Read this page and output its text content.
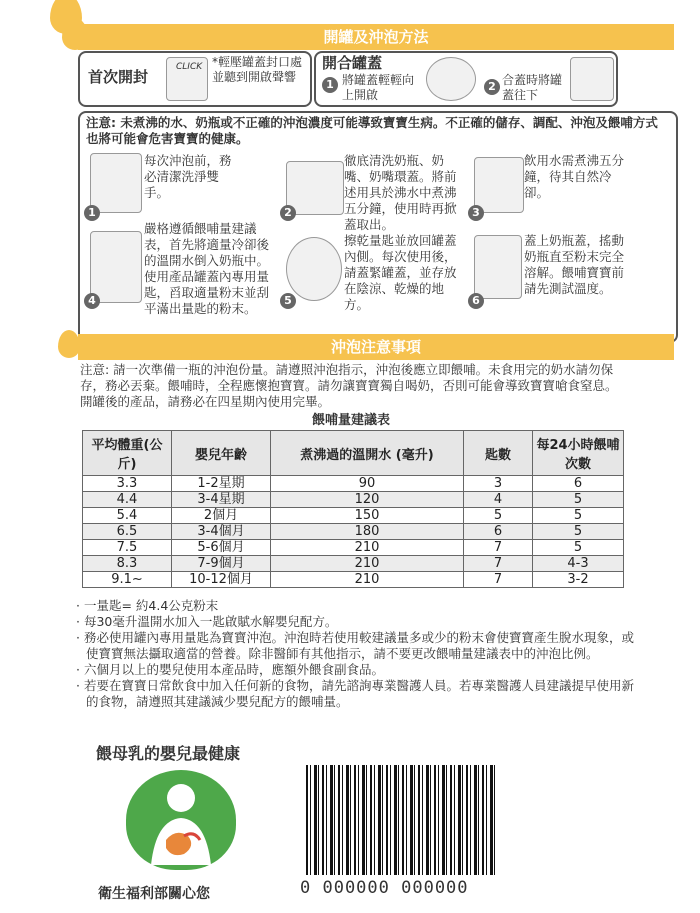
開罐及沖泡方法
首次開封
CLICK *輕壓罐蓋封口處並聽到開啟聲響
開合罐蓋
1 將罐蓋輕輕向上開啟
2 合蓋時將罐蓋往下
注意: 未煮沸的水、奶瓶或不正確的沖泡濃度可能導致寶寶生病。不正確的儲存、調配、沖泡及餵哺方式也將可能會危害寶寶的健康。
1
每次沖泡前，務必清潔洗淨雙手。
2
徹底清洗奶瓶、奶嘴、奶嘴環蓋。將前述用具於沸水中煮沸五分鐘，使用時再掀蓋取出。
3
飲用水需煮沸五分鐘，待其自然冷卻。
4
嚴格遵循餵哺量建議表，首先將適量冷卻後的溫開水倒入奶瓶中。使用產品罐蓋內專用量匙，舀取適量粉末並刮平滿出量匙的粉末。
5
擦乾量匙並放回罐蓋內側。每次使用後，請蓋緊罐蓋，並存放在陰涼、乾燥的地方。	6
蓋上奶瓶蓋，搖動奶瓶直至粉末完全溶解。餵哺寶寶前請先測試溫度。
沖泡注意事項
注意: 請一次準備一瓶的沖泡份量。請遵照沖泡指示，沖泡後應立即餵哺。未食用完的奶水請勿保存，務必丟棄。餵哺時，全程應懷抱寶寶。請勿讓寶寶獨自喝奶，否則可能會導致寶寶嗆食窒息。開罐後的產品，請務必在四星期內使用完畢。
餵哺量建議表
平均體重(公斤)	嬰兒年齡	煮沸過的溫開水 (毫升)	匙數	每24小時餵哺次數
3.3	1-2星期	90	3	6
4.4	3-4星期	120	4	5
5.4	2個月	150	5	5
6.5	3-4個月	180	6	5
7.5	5-6個月	210	7	5
8.3	7-9個月	210	7	4-3
9.1~	10-12個月	210	7	3-2
· 一量匙= 約4.4公克粉末
· 每30毫升溫開水加入一匙啟賦水解嬰兒配方。
· 務必使用罐內專用量匙為寶寶沖泡。沖泡時若使用較建議量多或少的粉末會使寶寶產生脫水現象，或使寶寶無法攝取適當的營養。除非醫師有其他指示，請不要更改餵哺量建議表中的沖泡比例。
· 六個月以上的嬰兒使用本產品時，應額外餵食副食品。
· 若要在寶寶日常飲食中加入任何新的食物，請先諮詢專業醫護人員。若專業醫護人員建議提早使用新的食物，請遵照其建議減少嬰兒配方的餵哺量。
餵母乳的嬰兒最健康
衛生福利部關心您	0 000000 000000
